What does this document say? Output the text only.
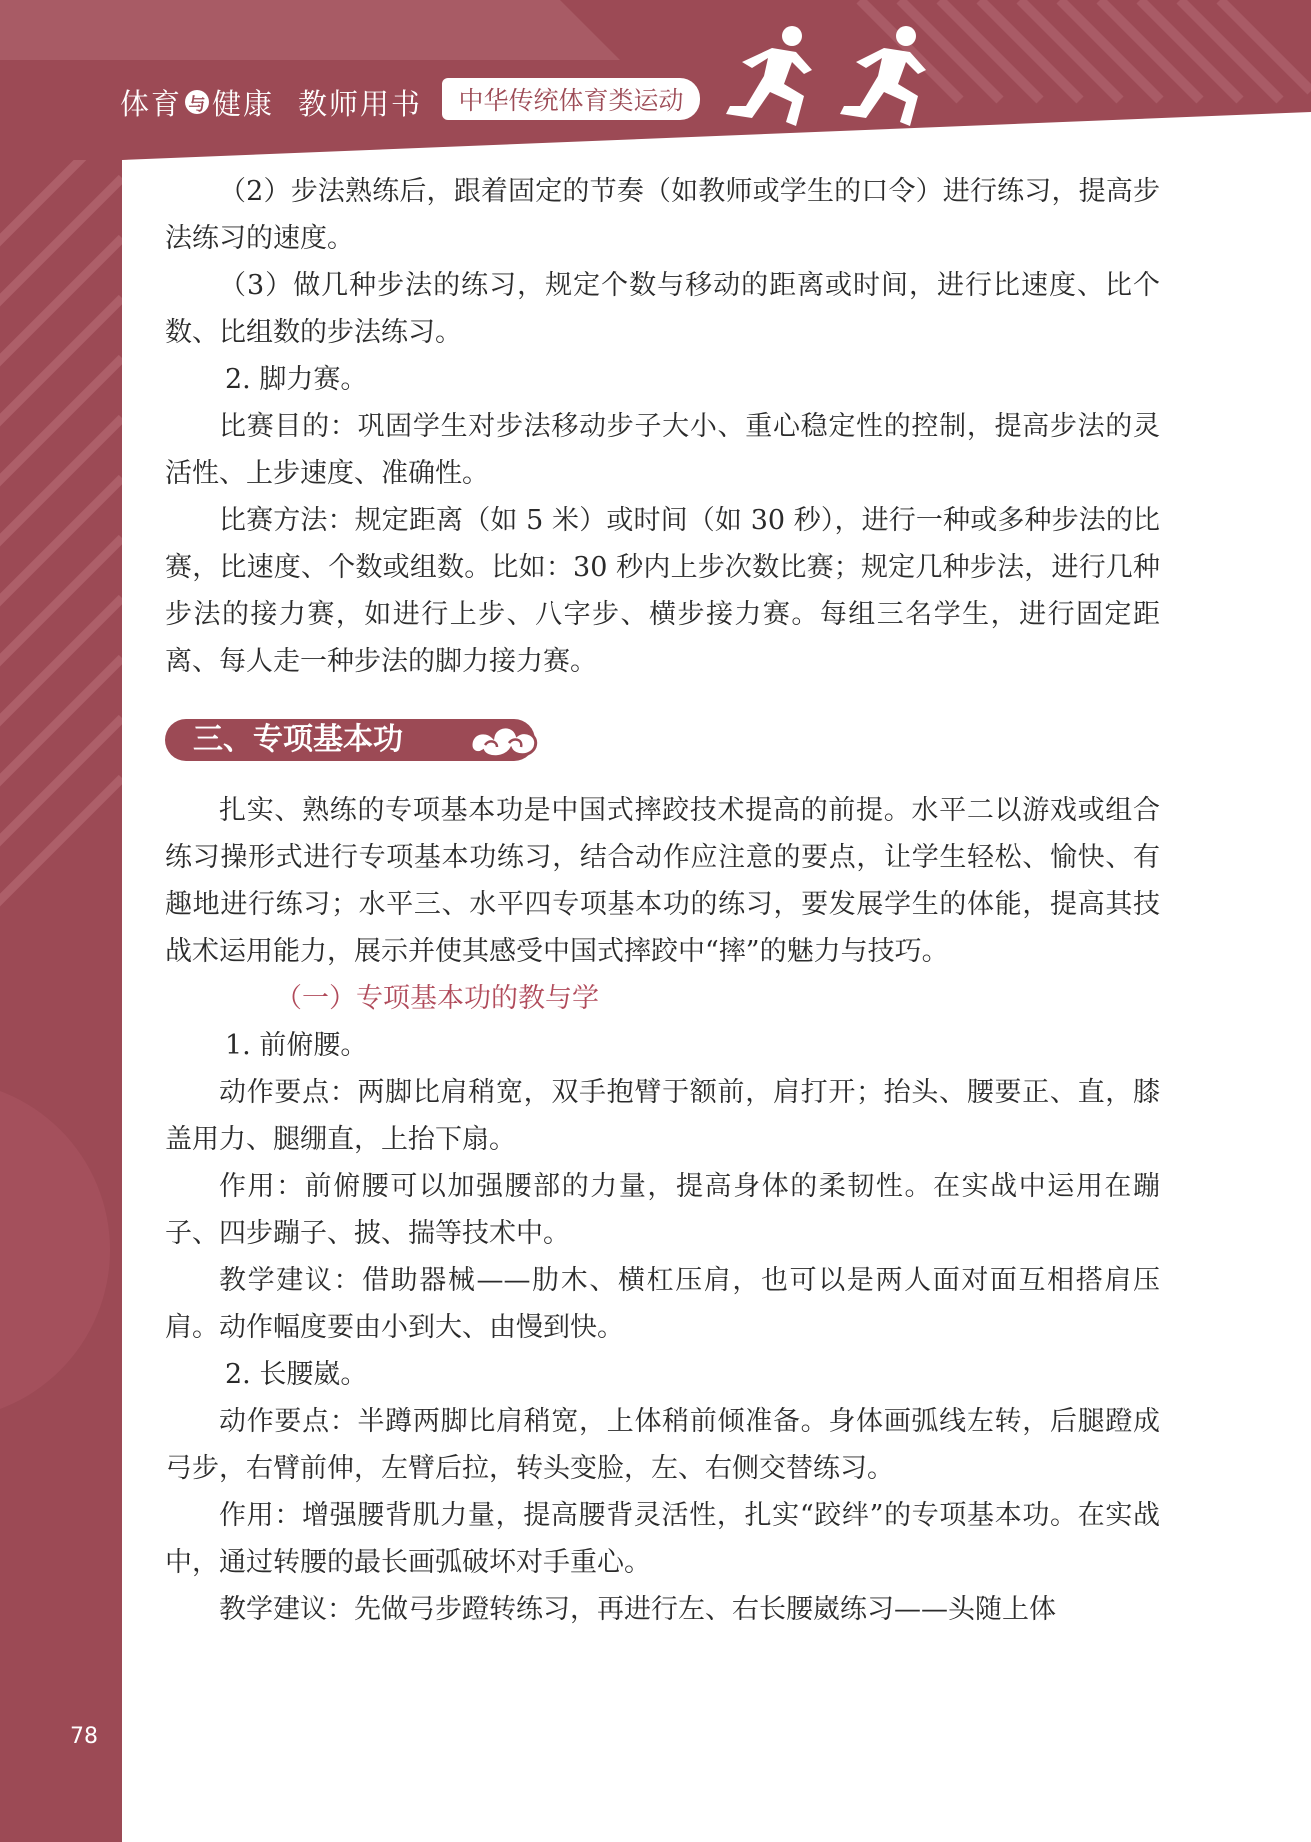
体育 与 健康 教师用书	中华传统体育类运动

（2）步法熟练后，跟着固定的节奏（如教师或学生的口令）进行练习，提高步法练习的速度。

（3）做几种步法的练习，规定个数与移动的距离或时间，进行比速度、比个数、比组数的步法练习。

2. 脚力赛。

比赛目的：巩固学生对步法移动步子大小、重心稳定性的控制，提高步法的灵活性、上步速度、准确性。

比赛方法：规定距离（如 5 米）或时间（如 30 秒），进行一种或多种步法的比赛，比速度、个数或组数。比如：30 秒内上步次数比赛；规定几种步法，进行几种步法的接力赛，如进行上步、八字步、横步接力赛。每组三名学生，进行固定距离、每人走一种步法的脚力接力赛。

三、专项基本功

扎实、熟练的专项基本功是中国式摔跤技术提高的前提。水平二以游戏或组合练习操形式进行专项基本功练习，结合动作应注意的要点，让学生轻松、愉快、有趣地进行练习；水平三、水平四专项基本功的练习，要发展学生的体能，提高其技战术运用能力，展示并使其感受中国式摔跤中“摔”的魅力与技巧。

（一）专项基本功的教与学

1. 前俯腰。

动作要点：两脚比肩稍宽，双手抱臂于额前，肩打开；抬头、腰要正、直，膝盖用力、腿绷直，上抬下扇。

作用：前俯腰可以加强腰部的力量，提高身体的柔韧性。在实战中运用在蹦子、四步蹦子、披、揣等技术中。

教学建议：借助器械——肋木、横杠压肩，也可以是两人面对面互相搭肩压肩。动作幅度要由小到大、由慢到快。

2. 长腰崴。

动作要点：半蹲两脚比肩稍宽，上体稍前倾准备。身体画弧线左转，后腿蹬成弓步，右臂前伸，左臂后拉，转头变脸，左、右侧交替练习。

作用：增强腰背肌力量，提高腰背灵活性，扎实“跤绊”的专项基本功。在实战中，通过转腰的最长画弧破坏对手重心。

教学建议：先做弓步蹬转练习，再进行左、右长腰崴练习——头随上体

78
